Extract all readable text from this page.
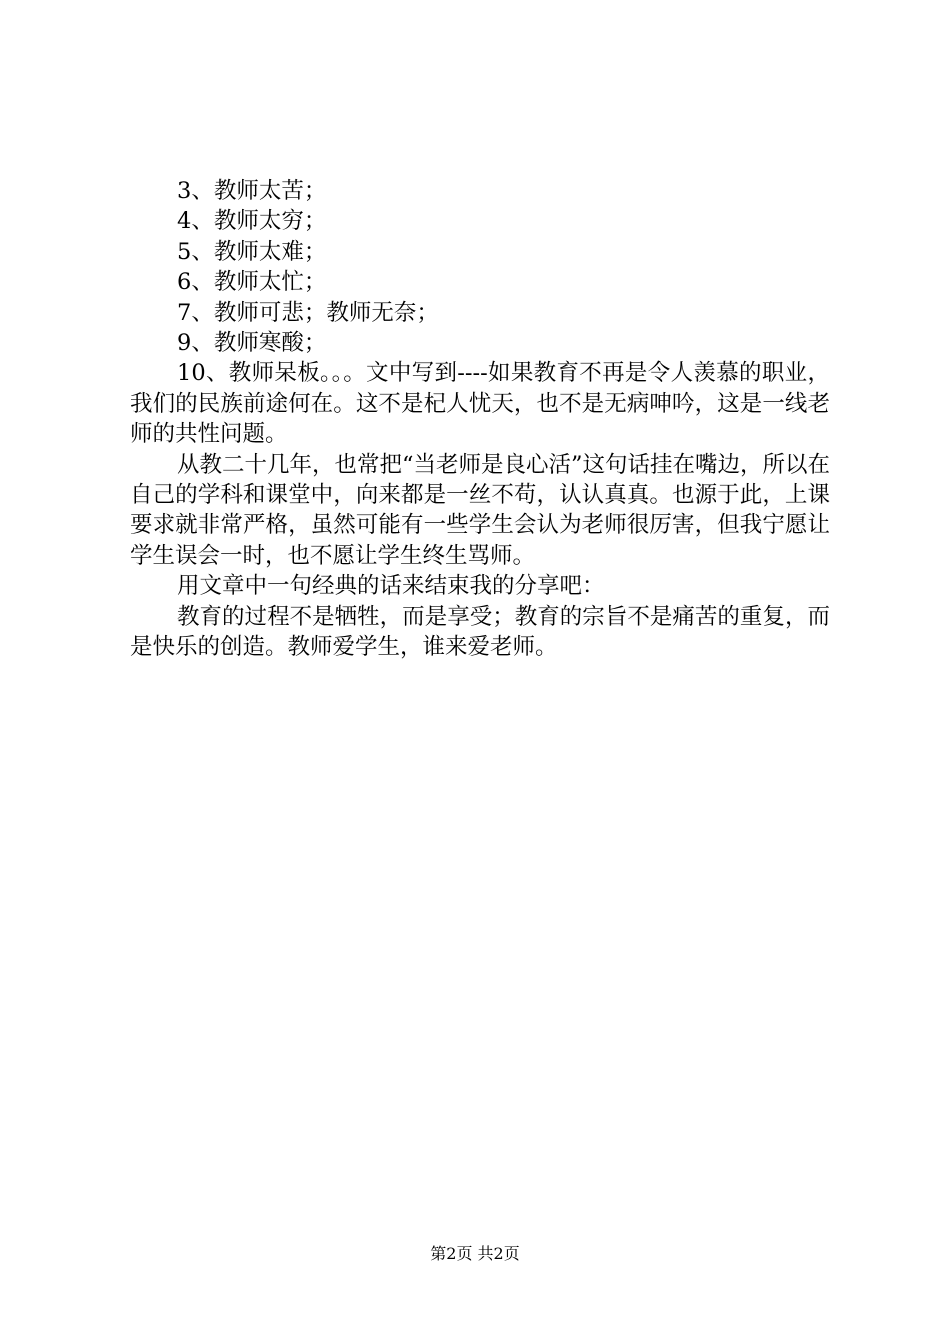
3、教师太苦；
4、教师太穷；
5、教师太难；
6、教师太忙；
7、教师可悲；教师无奈；
9、教师寒酸；

10、教师呆板。。。文中写到----如果教育不再是令人羡慕的职业，我们的民族前途何在。这不是杞人忧天，也不是无病呻吟，这是一线老师的共性问题。

从教二十几年，也常把“当老师是良心活”这句话挂在嘴边，所以在自己的学科和课堂中，向来都是一丝不苟，认认真真。也源于此，上课要求就非常严格，虽然可能有一些学生会认为老师很厉害，但我宁愿让学生误会一时，也不愿让学生终生骂师。

用文章中一句经典的话来结束我的分享吧：

教育的过程不是牺牲，而是享受；教育的宗旨不是痛苦的重复，而是快乐的创造。教师爱学生，谁来爱老师。

第2页 共2页
